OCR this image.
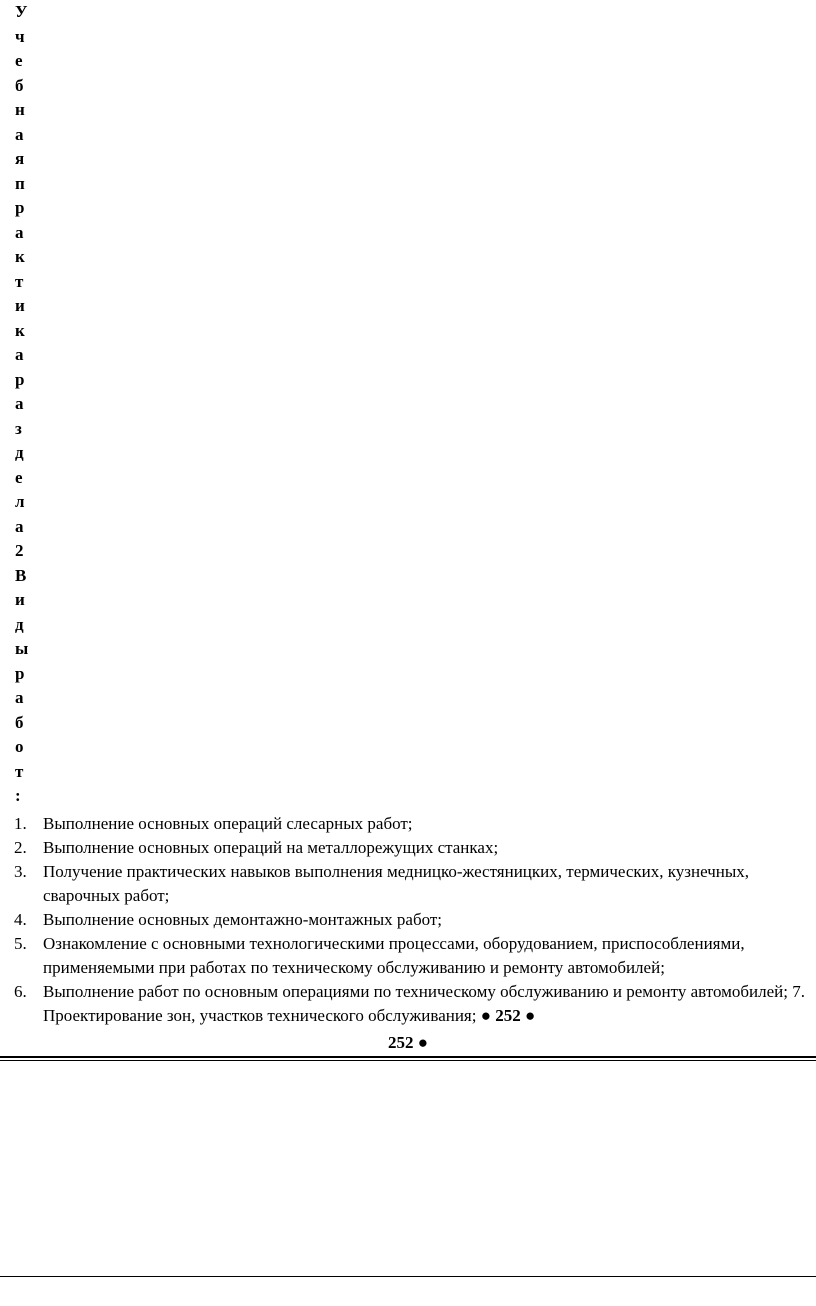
У
ч
е
б
н
а
я
п
р
а
к
т
и
к
а
р
а
з
д
е
л
а
2
В
и
д
ы
р
а
б
о
т
:
1. Выполнение основных операций слесарных работ;
2. Выполнение основных операций на металлорежущих станках;
3. Получение практических навыков выполнения медницко-жестяницких, термических, кузнечных, сварочных работ;
4. Выполнение основных демонтажно-монтажных работ;
5. Ознакомление с основными технологическими процессами, оборудованием, приспособлениями, применяемыми при работах по техническому обслуживанию и ремонту автомобилей;
6. Выполнение работ по основным операциями по техническому обслуживанию и ремонту автомобилей; 7. Проектирование зон, участков технического обслуживания; ● 252 ●
252 ●
